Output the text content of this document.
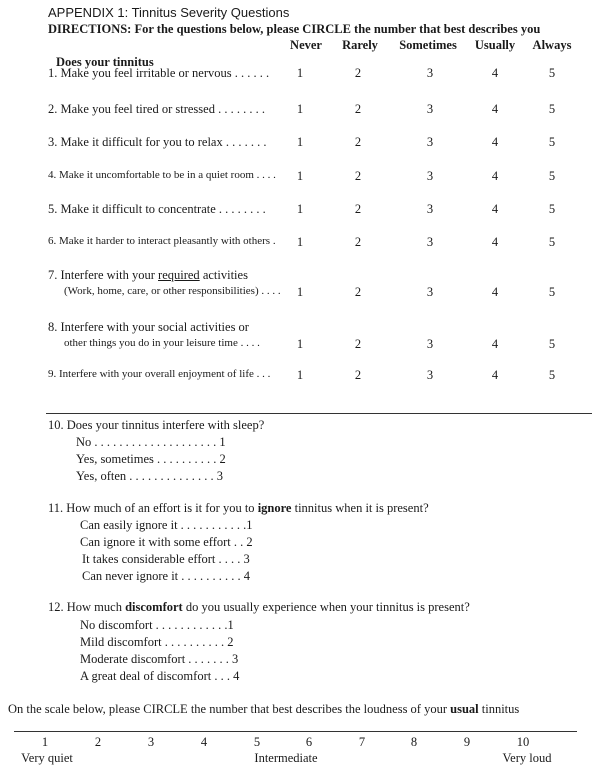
APPENDIX 1: Tinnitus Severity Questions
DIRECTIONS: For the questions below, please CIRCLE the number that best describes you
Never Rarely Sometimes Usually Always
Does your tinnitus
1. Make you feel irritable or nervous . . . . . . 1	2	3	4	5
2. Make you feel tired or stressed . . . . . . . .	1	2	3	4	5
3. Make it difficult for you to relax . . . . . . . 1	2	3	4	5
4. Make it uncomfortable to be in a quiet room . . . . 1	2	3	4	5
5. Make it difficult to concentrate . . . . . . . . 1	2	3	4	5
6. Make it harder to interact pleasantly with others . 1	2	3	4	5
7. Interfere with your required activities
(Work, home, care, or other responsibilities) . . . . 1	2	3	4	5
8. Interfere with your social activities or
other things you do in your leisure time . . . .	1	2	3	4	5
9. Interfere with your overall enjoyment of life . . . 1	2	3	4	5
10. Does your tinnitus interfere with sleep?
No . . . . . . . . . . . . . . . . . . . . 1
Yes, sometimes . . . . . . . . . . 2
Yes, often . . . . . . . . . . . . . . 3
11. How much of an effort is it for you to ignore tinnitus when it is present?
Can easily ignore it . . . . . . . . . . .1
Can ignore it with some effort . . 2
It takes considerable effort . . . . 3
Can never ignore it . . . . . . . . . . 4
12. How much discomfort do you usually experience when your tinnitus is present?
No discomfort . . . . . . . . . . . .1
Mild discomfort . . . . . . . . . . 2
Moderate discomfort . . . . . . . 3
A great deal of discomfort . . . 4
On the scale below, please CIRCLE the number that best describes the loudness of your usual tinnitus
1	2	3	4	5	6	7	8	9	10
Very quiet	Intermediate	Very loud
